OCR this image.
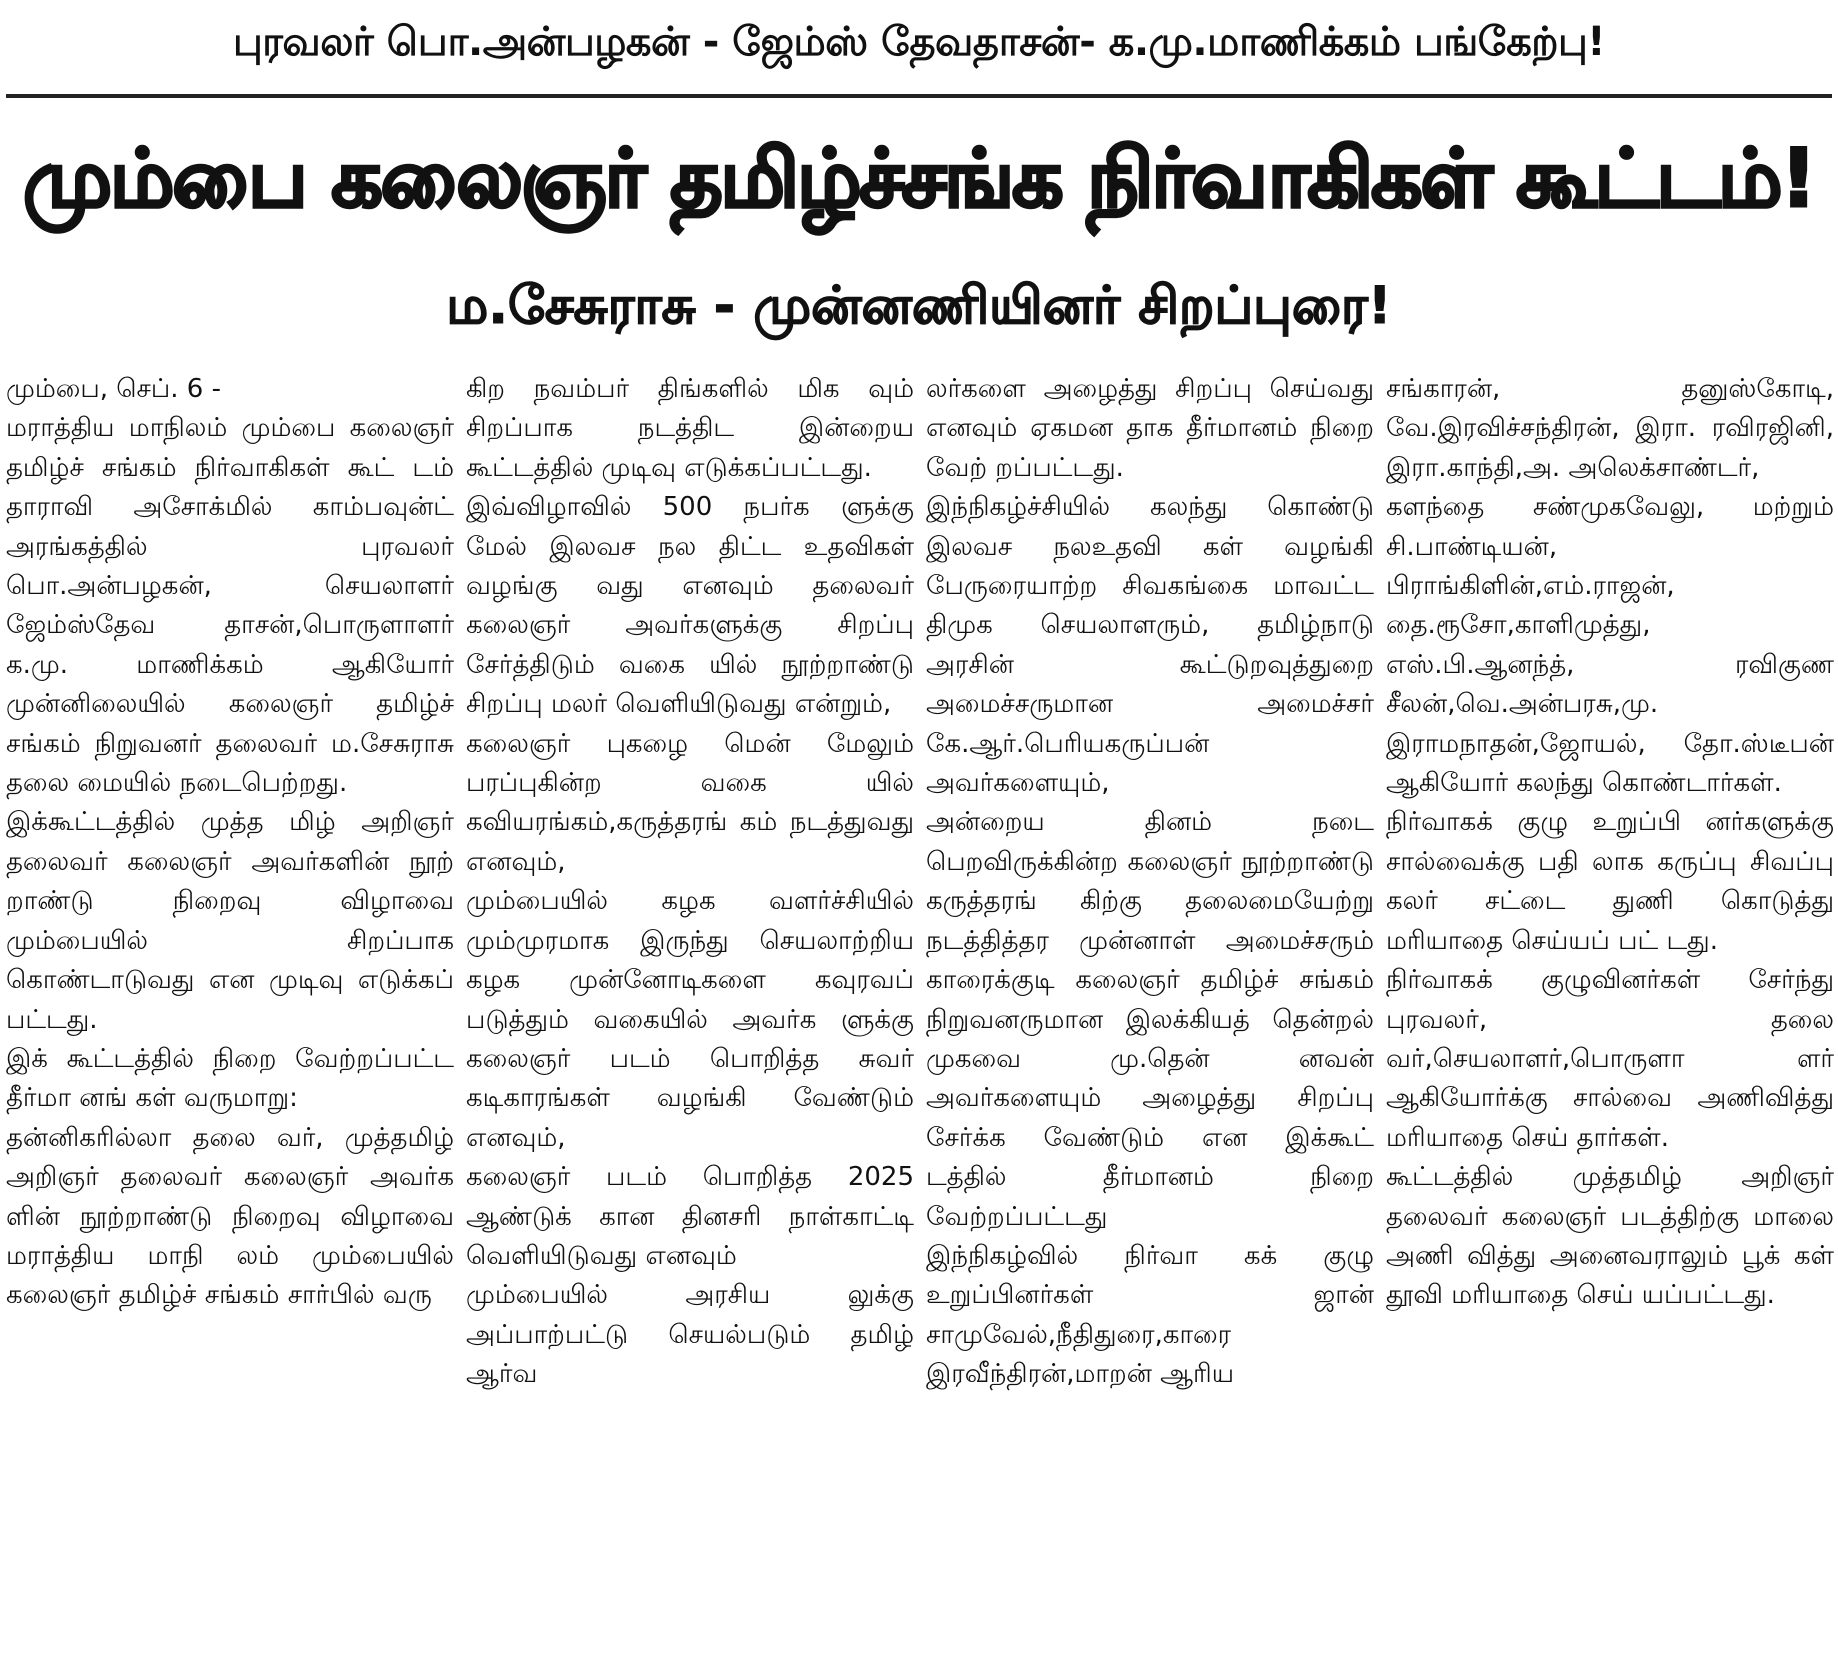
புரவலர் பொ.அன்பழகன் - ஜேம்ஸ் தேவதாசன்- க.மு.மாணிக்கம் பங்கேற்பு!
மும்பை கலைஞர் தமிழ்ச்சங்க நிர்வாகிகள் கூட்டம்!
ம.சேசுராசு - முன்னணியினர் சிறப்புரை!
மும்பை, செப். 6 -
மராத்திய மாநிலம் மும்பை கலைஞர் தமிழ்ச் சங்கம் நிர்வாகிகள் கூட் டம் தாராவி அசோக்மில் காம்பவுன்ட் அரங்கத்தில் புரவலர் பொ.அன்பழகன், செயலாளர் ஜேம்ஸ்தேவ தாசன்,பொருளாளர் க.மு. மாணிக்கம் ஆகியோர் முன்னிலையில் கலைஞர் தமிழ்ச் சங்கம் நிறுவனர் தலைவர் ம.சேசுராசு தலை மையில் நடைபெற்றது.
இக்கூட்டத்தில் முத்த மிழ் அறிஞர் தலைவர் கலைஞர் அவர்களின் நூற் றாண்டு நிறைவு விழாவை மும்பையில் சிறப்பாக கொண்டாடுவது என முடிவு எடுக்கப் பட்டது.
இக் கூட்டத்தில் நிறை வேற்றப்பட்ட தீர்மா னங் கள் வருமாறு:
தன்னிகரில்லா தலை வர், முத்தமிழ் அறிஞர் தலைவர் கலைஞர் அவர்க ளின் நூற்றாண்டு நிறைவு விழாவை மராத்திய மாநி லம் மும்பையில் கலைஞர் தமிழ்ச் சங்கம் சார்பில் வரு
கிற நவம்பர் திங்களில் மிக வும் சிறப்பாக நடத்திட இன்றைய கூட்டத்தில் முடிவு எடுக்கப்பட்டது.
இவ்விழாவில் 500 நபர்க ளுக்கு மேல் இலவச நல திட்ட உதவிகள் வழங்கு வது எனவும் தலைவர் கலைஞர் அவர்களுக்கு சிறப்பு சேர்த்திடும் வகை யில் நூற்றாண்டு சிறப்பு மலர் வெளியிடுவது என்றும்,
கலைஞர் புகழை மென் மேலும் பரப்புகின்ற வகை யில் கவியரங்கம்,கருத்தரங் கம் நடத்துவது எனவும்,
மும்பையில் கழக வளர்ச்சியில் மும்முரமாக இருந்து செயலாற்றிய கழக முன்னோடிகளை கவுரவப் படுத்தும் வகையில் அவர்க ளுக்கு கலைஞர் படம் பொறித்த சுவர் கடிகாரங்கள் வழங்கி வேண்டும் எனவும்,
கலைஞர் படம் பொறித்த 2025 ஆண்டுக் கான தினசரி நாள்காட்டி வெளியிடுவது எனவும்
மும்பையில் அரசிய லுக்கு அப்பாற்பட்டு செயல்படும் தமிழ் ஆர்வ
லர்களை அழைத்து சிறப்பு செய்வது எனவும் ஏகமன தாக தீர்மானம் நிறை வேற் றப்பட்டது.
இந்நிகழ்ச்சியில் கலந்து கொண்டு இலவச நலஉதவி கள் வழங்கி பேருரையாற்ற சிவகங்கை மாவட்ட திமுக செயலாளரும், தமிழ்நாடு அரசின் கூட்டுறவுத்துறை அமைச்சருமான அமைச்சர் கே.ஆர்.பெரியகருப்பன் அவர்களையும்,
அன்றைய தினம் நடை பெறவிருக்கின்ற கலைஞர் நூற்றாண்டு கருத்தரங் கிற்கு தலைமையேற்று நடத்தித்தர முன்னாள் அமைச்சரும் காரைக்குடி கலைஞர் தமிழ்ச் சங்கம் நிறுவனருமான இலக்கியத் தென்றல் முகவை மு.தென் னவன் அவர்களையும் அழைத்து சிறப்பு சேர்க்க வேண்டும் என இக்கூட் டத்தில் தீர்மானம் நிறை வேற்றப்பட்டது
இந்நிகழ்வில் நிர்வா கக் குழு உறுப்பினர்கள் ஜான் சாமுவேல்,நீதிதுரை,காரை இரவீந்திரன்,மாறன் ஆரிய
சங்காரன், தனுஸ்கோடி, வே.இரவிச்சந்திரன், இரா. ரவிரஜினி, இரா.காந்தி,அ. அலெக்சாண்டர்,
களந்தை சண்முகவேலு, மற்றும் சி.பாண்டியன், பிராங்கிளின்,எம்.ராஜன், தை.ரூசோ,காளிமுத்து, எஸ்.பி.ஆனந்த், ரவிகுண சீலன்,வெ.அன்பரசு,மு. இராமநாதன்,ஜோயல், தோ.ஸ்டீபன் ஆகியோர் கலந்து கொண்டார்கள்.
நிர்வாகக் குழு உறுப்பி னர்களுக்கு சால்வைக்கு பதி லாக கருப்பு சிவப்பு கலர் சட்டை துணி கொடுத்து மரியாதை செய்யப் பட் டது.
நிர்வாகக் குழுவினர்கள் சேர்ந்து புரவலர், தலை வர்,செயலாளர்,பொருளா ளர் ஆகியோர்க்கு சால்வை அணிவித்து மரியாதை செய் தார்கள்.
கூட்டத்தில் முத்தமிழ் அறிஞர் தலைவர் கலைஞர் படத்திற்கு மாலை அணி வித்து அனைவராலும் பூக் கள் தூவி மரியாதை செய் யப்பட்டது.
